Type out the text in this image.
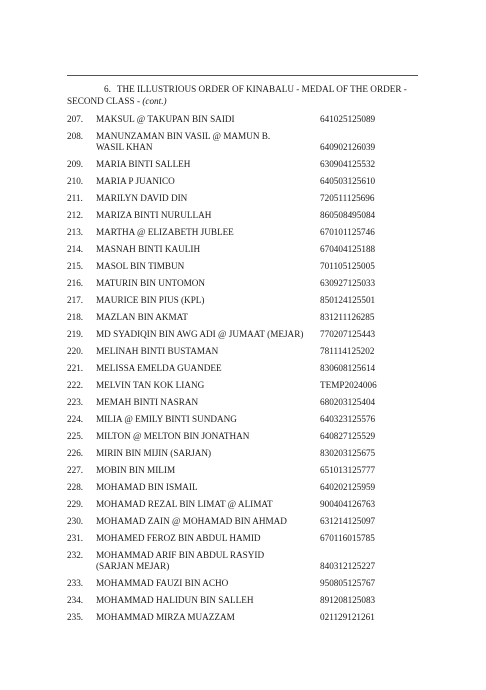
6. THE ILLUSTRIOUS ORDER OF KINABALU - MEDAL OF THE ORDER - SECOND CLASS - (cont.)
207.	MAKSUL @ TAKUPAN BIN SAIDI	641025125089
208.	MANUNZAMAN BIN VASIL @ MAMUN B.
WASIL KHAN	640902126039
209.	MARIA BINTI SALLEH	630904125532
210.	MARIA P JUANICO	640503125610
211.	MARILYN DAVID DIN	720511125696
212.	MARIZA BINTI NURULLAH	860508495084
213.	MARTHA @ ELIZABETH JUBLEE	670101125746
214.	MASNAH BINTI KAULIH	670404125188
215.	MASOL BIN TIMBUN	701105125005
216.	MATURIN BIN UNTOMON	630927125033
217.	MAURICE BIN PIUS (KPL)	850124125501
218.	MAZLAN BIN AKMAT	831211126285
219.	MD SYADIQIN BIN AWG ADI @ JUMAAT (MEJAR)	770207125443
220.	MELINAH BINTI BUSTAMAN	781114125202
221.	MELISSA EMELDA GUANDEE	830608125614
222.	MELVIN TAN KOK LIANG	TEMP2024006
223.	MEMAH BINTI NASRAN	680203125404
224.	MILIA @ EMILY BINTI SUNDANG	640323125576
225.	MILTON @ MELTON BIN JONATHAN	640827125529
226.	MIRIN BIN MIJIN (SARJAN)	830203125675
227.	MOBIN BIN MILIM	651013125777
228.	MOHAMAD BIN ISMAIL	640202125959
229.	MOHAMAD REZAL BIN LIMAT @ ALIMAT	900404126763
230.	MOHAMAD ZAIN @ MOHAMAD BIN AHMAD	631214125097
231.	MOHAMED FEROZ BIN ABDUL HAMID	670116015785
232.	MOHAMMAD ARIF BIN ABDUL RASYID
(SARJAN MEJAR)	840312125227
233.	MOHAMMAD FAUZI BIN ACHO	950805125767
234.	MOHAMMAD HALIDUN BIN SALLEH	891208125083
235.	MOHAMMAD MIRZA MUAZZAM	021129121261
